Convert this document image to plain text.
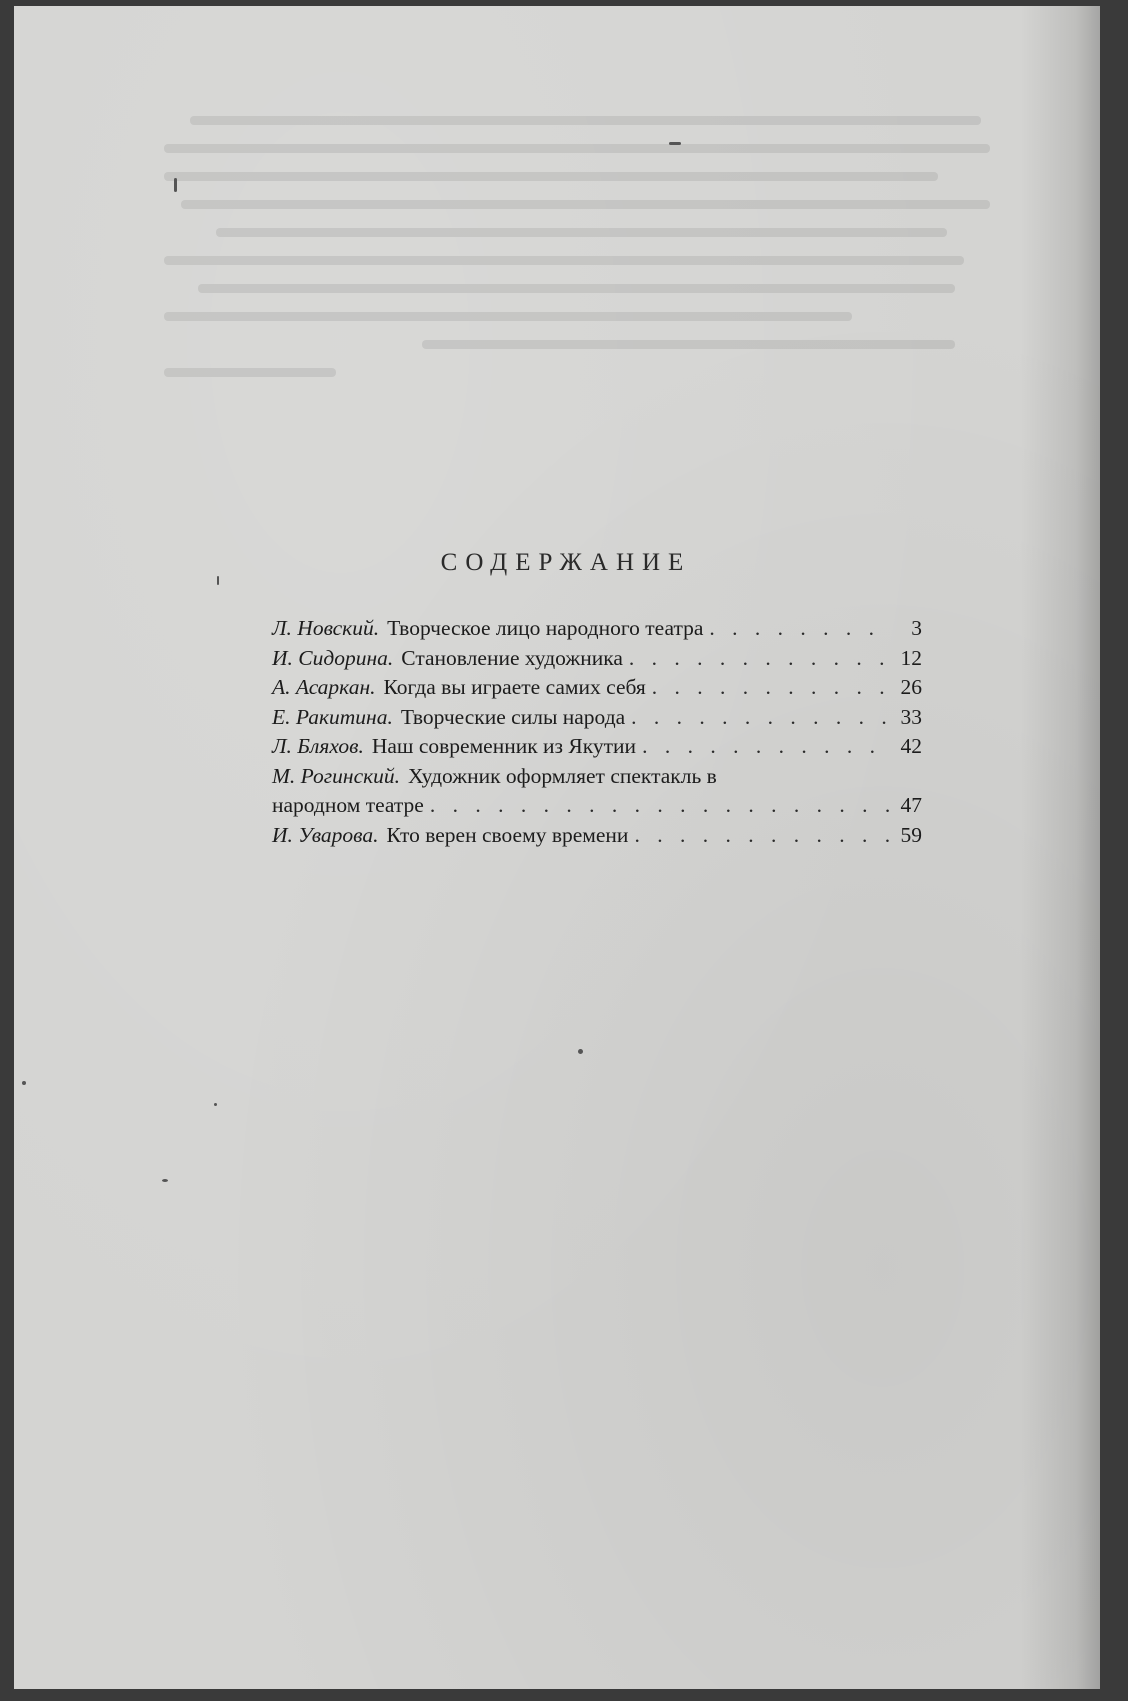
СОДЕРЖАНИЕ
Л. Новский. Творческое лицо народного театра . . .	3
И. Сидорина. Становление художника . . .	12
А. Асаркан. Когда вы играете самих себя . . .	26
Е. Ракитина. Творческие силы народа . . .	33
Л. Бляхов. Наш современник из Якутии . . .	42
М. Рогинский. Художник оформляет спектакль в
народном театре . . .	47
И. Уварова. Кто верен своему времени . . .	59
